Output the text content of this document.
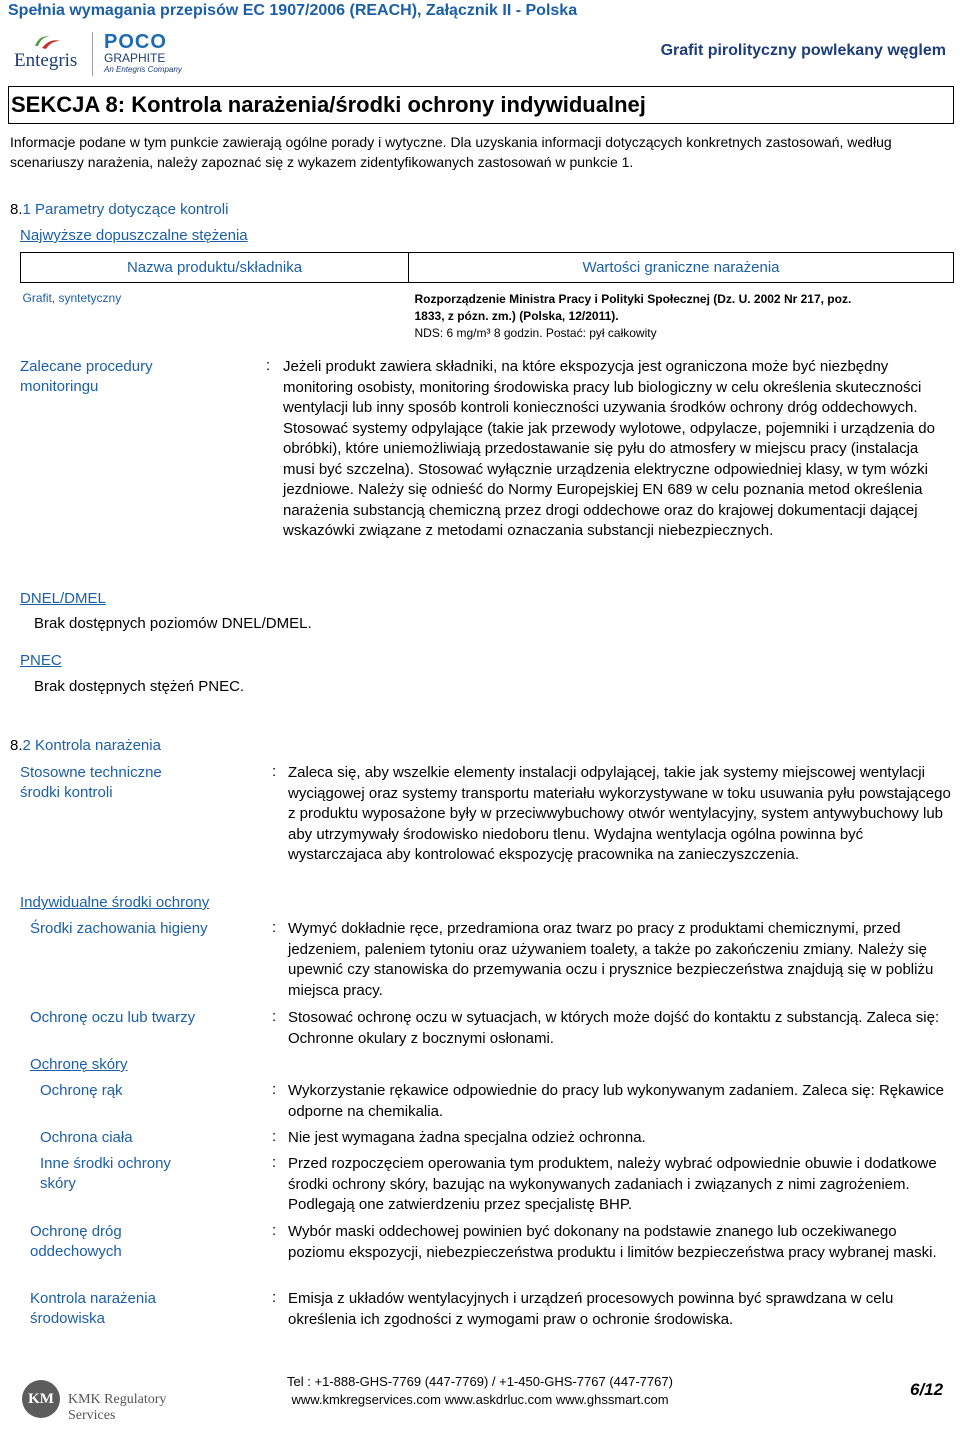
Spełnia wymagania przepisów EC 1907/2006 (REACH), Załącznik II - Polska
Entegris
POCO
GRAPHITE
An Entegris Company
Grafit pirolityczny powlekany węglem
SEKCJA 8: Kontrola narażenia/środki ochrony indywidualnej
Informacje podane w tym punkcie zawierają ogólne porady i wytyczne. Dla uzyskania informacji dotyczących konkretnych zastosowań, według scenariuszy narażenia, należy zapoznać się z wykazem zidentyfikowanych zastosowań w punkcie 1.
8.1 Parametry dotyczące kontroli
Najwyższe dopuszczalne stężenia
Nazwa produktu/składnika	Wartości graniczne narażenia
Grafit, syntetyczny	Rozporządzenie Ministra Pracy i Polityki Społecznej (Dz. U. 2002 Nr 217, poz.
1833, z pózn. zm.) (Polska, 12/2011).
NDS: 6 mg/m³ 8 godzin. Postać: pył całkowity
Zalecane procedury
monitoringu
: Jeżeli produkt zawiera składniki, na które ekspozycja jest ograniczona może być niezbędny monitoring osobisty, monitoring środowiska pracy lub biologiczny w celu określenia skuteczności wentylacji lub inny sposób kontroli konieczności uzywania środków ochrony dróg oddechowych. Stosować systemy odpylające (takie jak przewody wylotowe, odpylacze, pojemniki i urządzenia do obróbki), które uniemożliwiają przedostawanie się pyłu do atmosfery w miejscu pracy (instalacja musi być szczelna). Stosować wyłącznie urządzenia elektryczne odpowiedniej klasy, w tym wózki jezdniowe. Należy się odnieść do Normy Europejskiej EN 689 w celu poznania metod określenia narażenia substancją chemiczną przez drogi oddechowe oraz do krajowej dokumentacji dającej wskazówki związane z metodami oznaczania substancji niebezpiecznych.
DNEL/DMEL
Brak dostępnych poziomów DNEL/DMEL.
PNEC
Brak dostępnych stężeń PNEC.
8.2 Kontrola narażenia
Stosowne techniczne
środki kontroli
: Zaleca się, aby wszelkie elementy instalacji odpylającej, takie jak systemy miejscowej wentylacji wyciągowej oraz systemy transportu materiału wykorzystywane w toku usuwania pyłu powstającego z produktu wyposażone były w przeciwwybuchowy otwór wentylacyjny, system antywybuchowy lub aby utrzymywały środowisko niedoboru tlenu. Wydajna wentylacja ogólna powinna być wystarczajaca aby kontrolować ekspozycję pracownika na zanieczyszczenia.
Indywidualne środki ochrony
Środki zachowania higieny	: Wymyć dokładnie ręce, przedramiona oraz twarz po pracy z produktami chemicznymi, przed jedzeniem, paleniem tytoniu oraz używaniem toalety, a także po zakończeniu zmiany. Należy się upewnić czy stanowiska do przemywania oczu i prysznice bezpieczeństwa znajdują się w pobliżu miejsca pracy.
Ochronę oczu lub twarzy	: Stosować ochronę oczu w sytuacjach, w których może dojść do kontaktu z substancją. Zaleca się: Ochronne okulary z bocznymi osłonami.
Ochronę skóry
Ochronę rąk	: Wykorzystanie rękawice odpowiednie do pracy lub wykonywanym zadaniem. Zaleca się: Rękawice odporne na chemikalia.
Ochrona ciała	: Nie jest wymagana żadna specjalna odzież ochronna.
Inne środki ochrony
skóry
: Przed rozpoczęciem operowania tym produktem, należy wybrać odpowiednie obuwie i dodatkowe środki ochrony skóry, bazując na wykonywanych zadaniach i związanych z nimi zagrożeniem. Podlegają one zatwierdzeniu przez specjalistę BHP.
Ochronę dróg
oddechowych
: Wybór maski oddechowej powinien być dokonany na podstawie znanego lub oczekiwanego poziomu ekspozycji, niebezpieczeństwa produktu i limitów bezpieczeństwa pracy wybranej maski.
Kontrola narażenia
środowiska
: Emisja z układów wentylacyjnych i urządzeń procesowych powinna być sprawdzana w celu określenia ich zgodności z wymogami praw o ochronie środowiska.
KM	KMK Regulatory Services
Tel : +1-888-GHS-7769 (447-7769) / +1-450-GHS-7767 (447-7767)
www.kmkregservices.com www.askdrluc.com www.ghssmart.com
6/12
